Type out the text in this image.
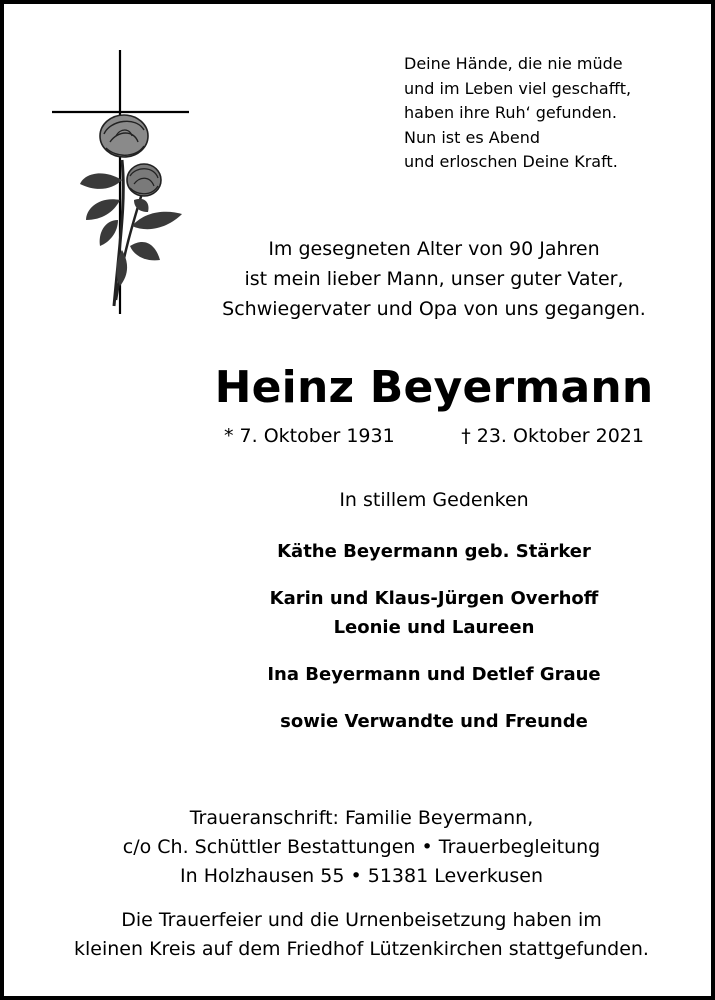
Deine Hände, die nie müde
und im Leben viel geschafft,
haben ihre Ruh‘ gefunden.
Nun ist es Abend
und erloschen Deine Kraft.
Im gesegneten Alter von 90 Jahren
ist mein lieber Mann, unser guter Vater,
Schwiegervater und Opa von uns gegangen.
Heinz Beyermann
* 7. Oktober 1931	† 23. Oktober 2021
In stillem Gedenken
Käthe Beyermann geb. Stärker
Karin und Klaus-Jürgen Overhoff
Leonie und Laureen
Ina Beyermann und Detlef Graue
sowie Verwandte und Freunde
Traueranschrift: Familie Beyermann,
c/o Ch. Schüttler Bestattungen • Trauerbegleitung
In Holzhausen 55 • 51381 Leverkusen
Die Trauerfeier und die Urnenbeisetzung haben im
kleinen Kreis auf dem Friedhof Lützenkirchen stattgefunden.
